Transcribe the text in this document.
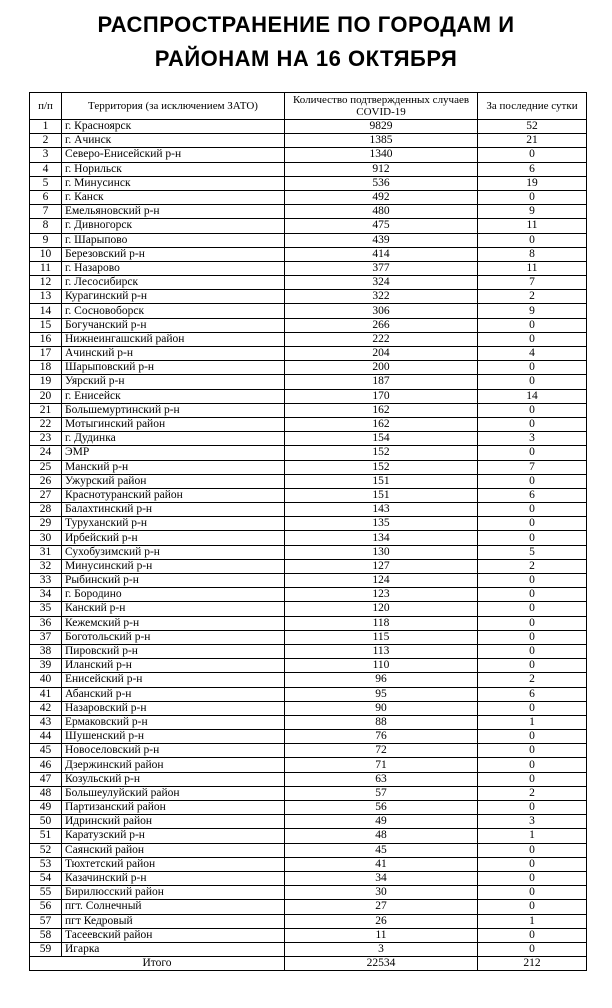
РАСПРОСТРАНЕНИЕ ПО ГОРОДАМ И
РАЙОНАМ НА 16 ОКТЯБРЯ
п/п	Территория (за исключением ЗАТО)	Количество подтвержденных случаев COVID-19	За последние сутки
1	г. Красноярск	9829	52
2	г. Ачинск	1385	21
3	Северо-Енисейский р-н	1340	0
4	г. Норильск	912	6
5	г. Минусинск	536	19
6	г. Канск	492	0
7	Емельяновский р-н	480	9
8	г. Дивногорск	475	11
9	г. Шарыпово	439	0
10	Березовский р-н	414	8
11	г. Назарово	377	11
12	г. Лесосибирск	324	7
13	Курагинский р-н	322	2
14	г. Сосновоборск	306	9
15	Богучанский р-н	266	0
16	Нижнеингашский район	222	0
17	Ачинский р-н	204	4
18	Шарыповский р-н	200	0
19	Уярский р-н	187	0
20	г. Енисейск	170	14
21	Большемуртинский р-н	162	0
22	Мотыгинский район	162	0
23	г. Дудинка	154	3
24	ЭМР	152	0
25	Манский р-н	152	7
26	Ужурский район	151	0
27	Краснотуранский район	151	6
28	Балахтинский р-н	143	0
29	Туруханский р-н	135	0
30	Ирбейский р-н	134	0
31	Сухобузимский р-н	130	5
32	Минусинский р-н	127	2
33	Рыбинский р-н	124	0
34	г. Бородино	123	0
35	Канский р-н	120	0
36	Кежемский р-н	118	0
37	Боготольский р-н	115	0
38	Пировский р-н	113	0
39	Иланский р-н	110	0
40	Енисейский р-н	96	2
41	Абанский р-н	95	6
42	Назаровский р-н	90	0
43	Ермаковский р-н	88	1
44	Шушенский р-н	76	0
45	Новоселовский р-н	72	0
46	Дзержинский район	71	0
47	Козульский р-н	63	0
48	Большеулуйский район	57	2
49	Партизанский район	56	0
50	Идринский район	49	3
51	Каратузский р-н	48	1
52	Саянский район	45	0
53	Тюхтетский район	41	0
54	Казачинский р-н	34	0
55	Бирилюсский район	30	0
56	пгт. Солнечный	27	0
57	пгт Кедровый	26	1
58	Тасеевский район	11	0
59	Игарка	3	0
Итого		22534	212
